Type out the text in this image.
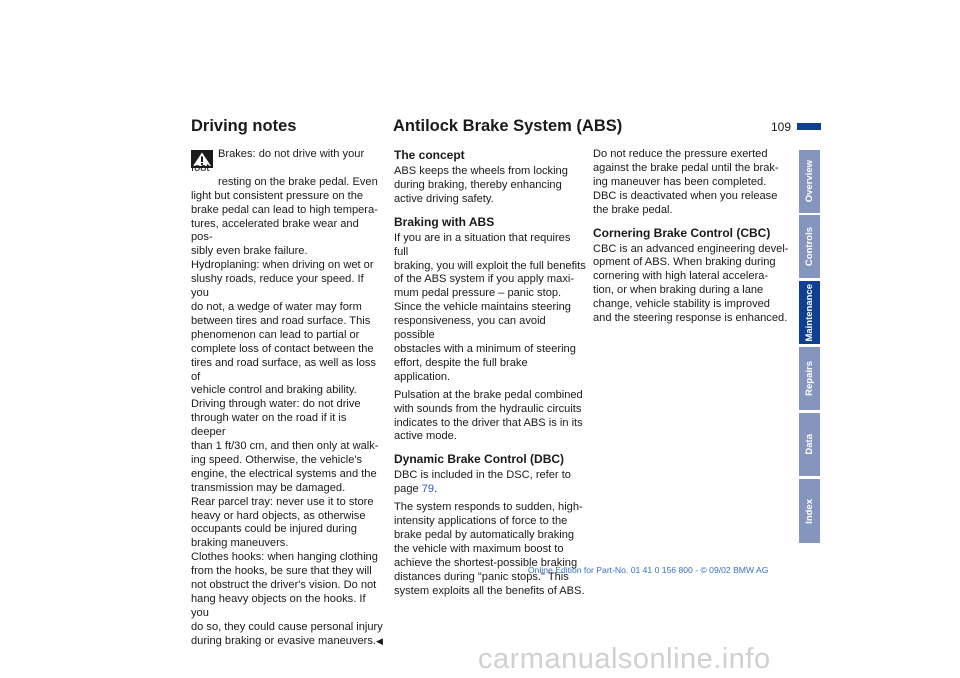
Driving notes	Antilock Brake System (ABS)	109
Brakes: do not drive with your foot
resting on the brake pedal. Even
light but consistent pressure on the
brake pedal can lead to high tempera-
tures, accelerated brake wear and pos-
sibly even brake failure.
Hydroplaning: when driving on wet or
slushy roads, reduce your speed. If you
do not, a wedge of water may form
between tires and road surface. This
phenomenon can lead to partial or
complete loss of contact between the
tires and road surface, as well as loss of
vehicle control and braking ability.
Driving through water: do not drive
through water on the road if it is deeper
than 1 ft/30 cm, and then only at walk-
ing speed. Otherwise, the vehicle's
engine, the electrical systems and the
transmission may be damaged.
Rear parcel tray: never use it to store
heavy or hard objects, as otherwise
occupants could be injured during
braking maneuvers.
Clothes hooks: when hanging clothing
from the hooks, be sure that they will
not obstruct the driver's vision. Do not
hang heavy objects on the hooks. If you
do so, they could cause personal injury
during braking or evasive maneuvers.◀
The concept
ABS keeps the wheels from locking
during braking, thereby enhancing
active driving safety.
Braking with ABS
If you are in a situation that requires full
braking, you will exploit the full benefits
of the ABS system if you apply maxi-
mum pedal pressure – panic stop.
Since the vehicle maintains steering
responsiveness, you can avoid possible
obstacles with a minimum of steering
effort, despite the full brake application.
Pulsation at the brake pedal combined
with sounds from the hydraulic circuits
indicates to the driver that ABS is in its
active mode.
Dynamic Brake Control (DBC)
DBC is included in the DSC, refer to
page 79.
The system responds to sudden, high-
intensity applications of force to the
brake pedal by automatically braking
the vehicle with maximum boost to
achieve the shortest-possible braking
distances during "panic stops." This
system exploits all the benefits of ABS.
Do not reduce the pressure exerted
against the brake pedal until the brak-
ing maneuver has been completed.
DBC is deactivated when you release
the brake pedal.
Cornering Brake Control (CBC)
CBC is an advanced engineering devel-
opment of ABS. When braking during
cornering with high lateral accelera-
tion, or when braking during a lane
change, vehicle stability is improved
and the steering response is enhanced.
Overview
Controls
Maintenance
Repairs
Data
Index
Online Edition for Part-No. 01 41 0 156 800 - © 09/02 BMW AG
carmanualsonline.info
